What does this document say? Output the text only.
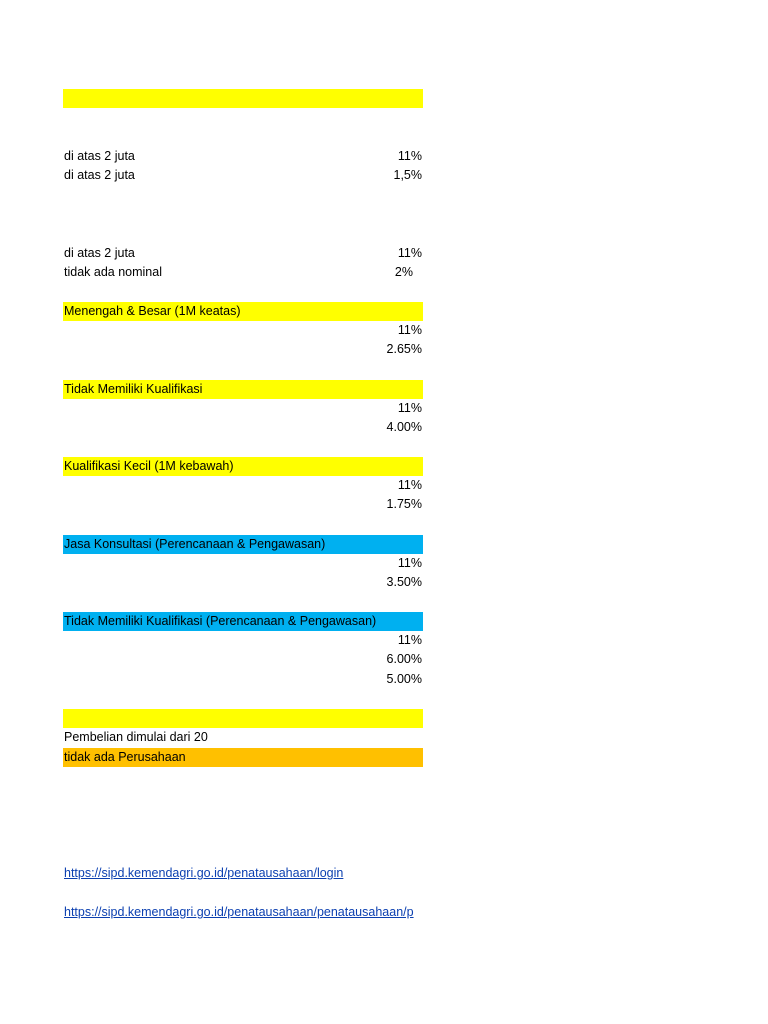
di atas 2 juta	11%
di atas 2 juta	1,5%
di atas 2 juta	11%
tidak ada nominal	2%
Menengah & Besar (1M keatas)
11%
2.65%
Tidak Memiliki Kualifikasi
11%
4.00%
Kualifikasi Kecil (1M kebawah)
11%
1.75%
Jasa Konsultasi (Perencanaan & Pengawasan)
11%
3.50%
Tidak Memiliki Kualifikasi (Perencanaan & Pengawasan)
11%
6.00%
5.00%
Pembelian dimulai dari 20
tidak ada Perusahaan
https://sipd.kemendagri.go.id/penatausahaan/login
https://sipd.kemendagri.go.id/penatausahaan/penatausahaan/p
